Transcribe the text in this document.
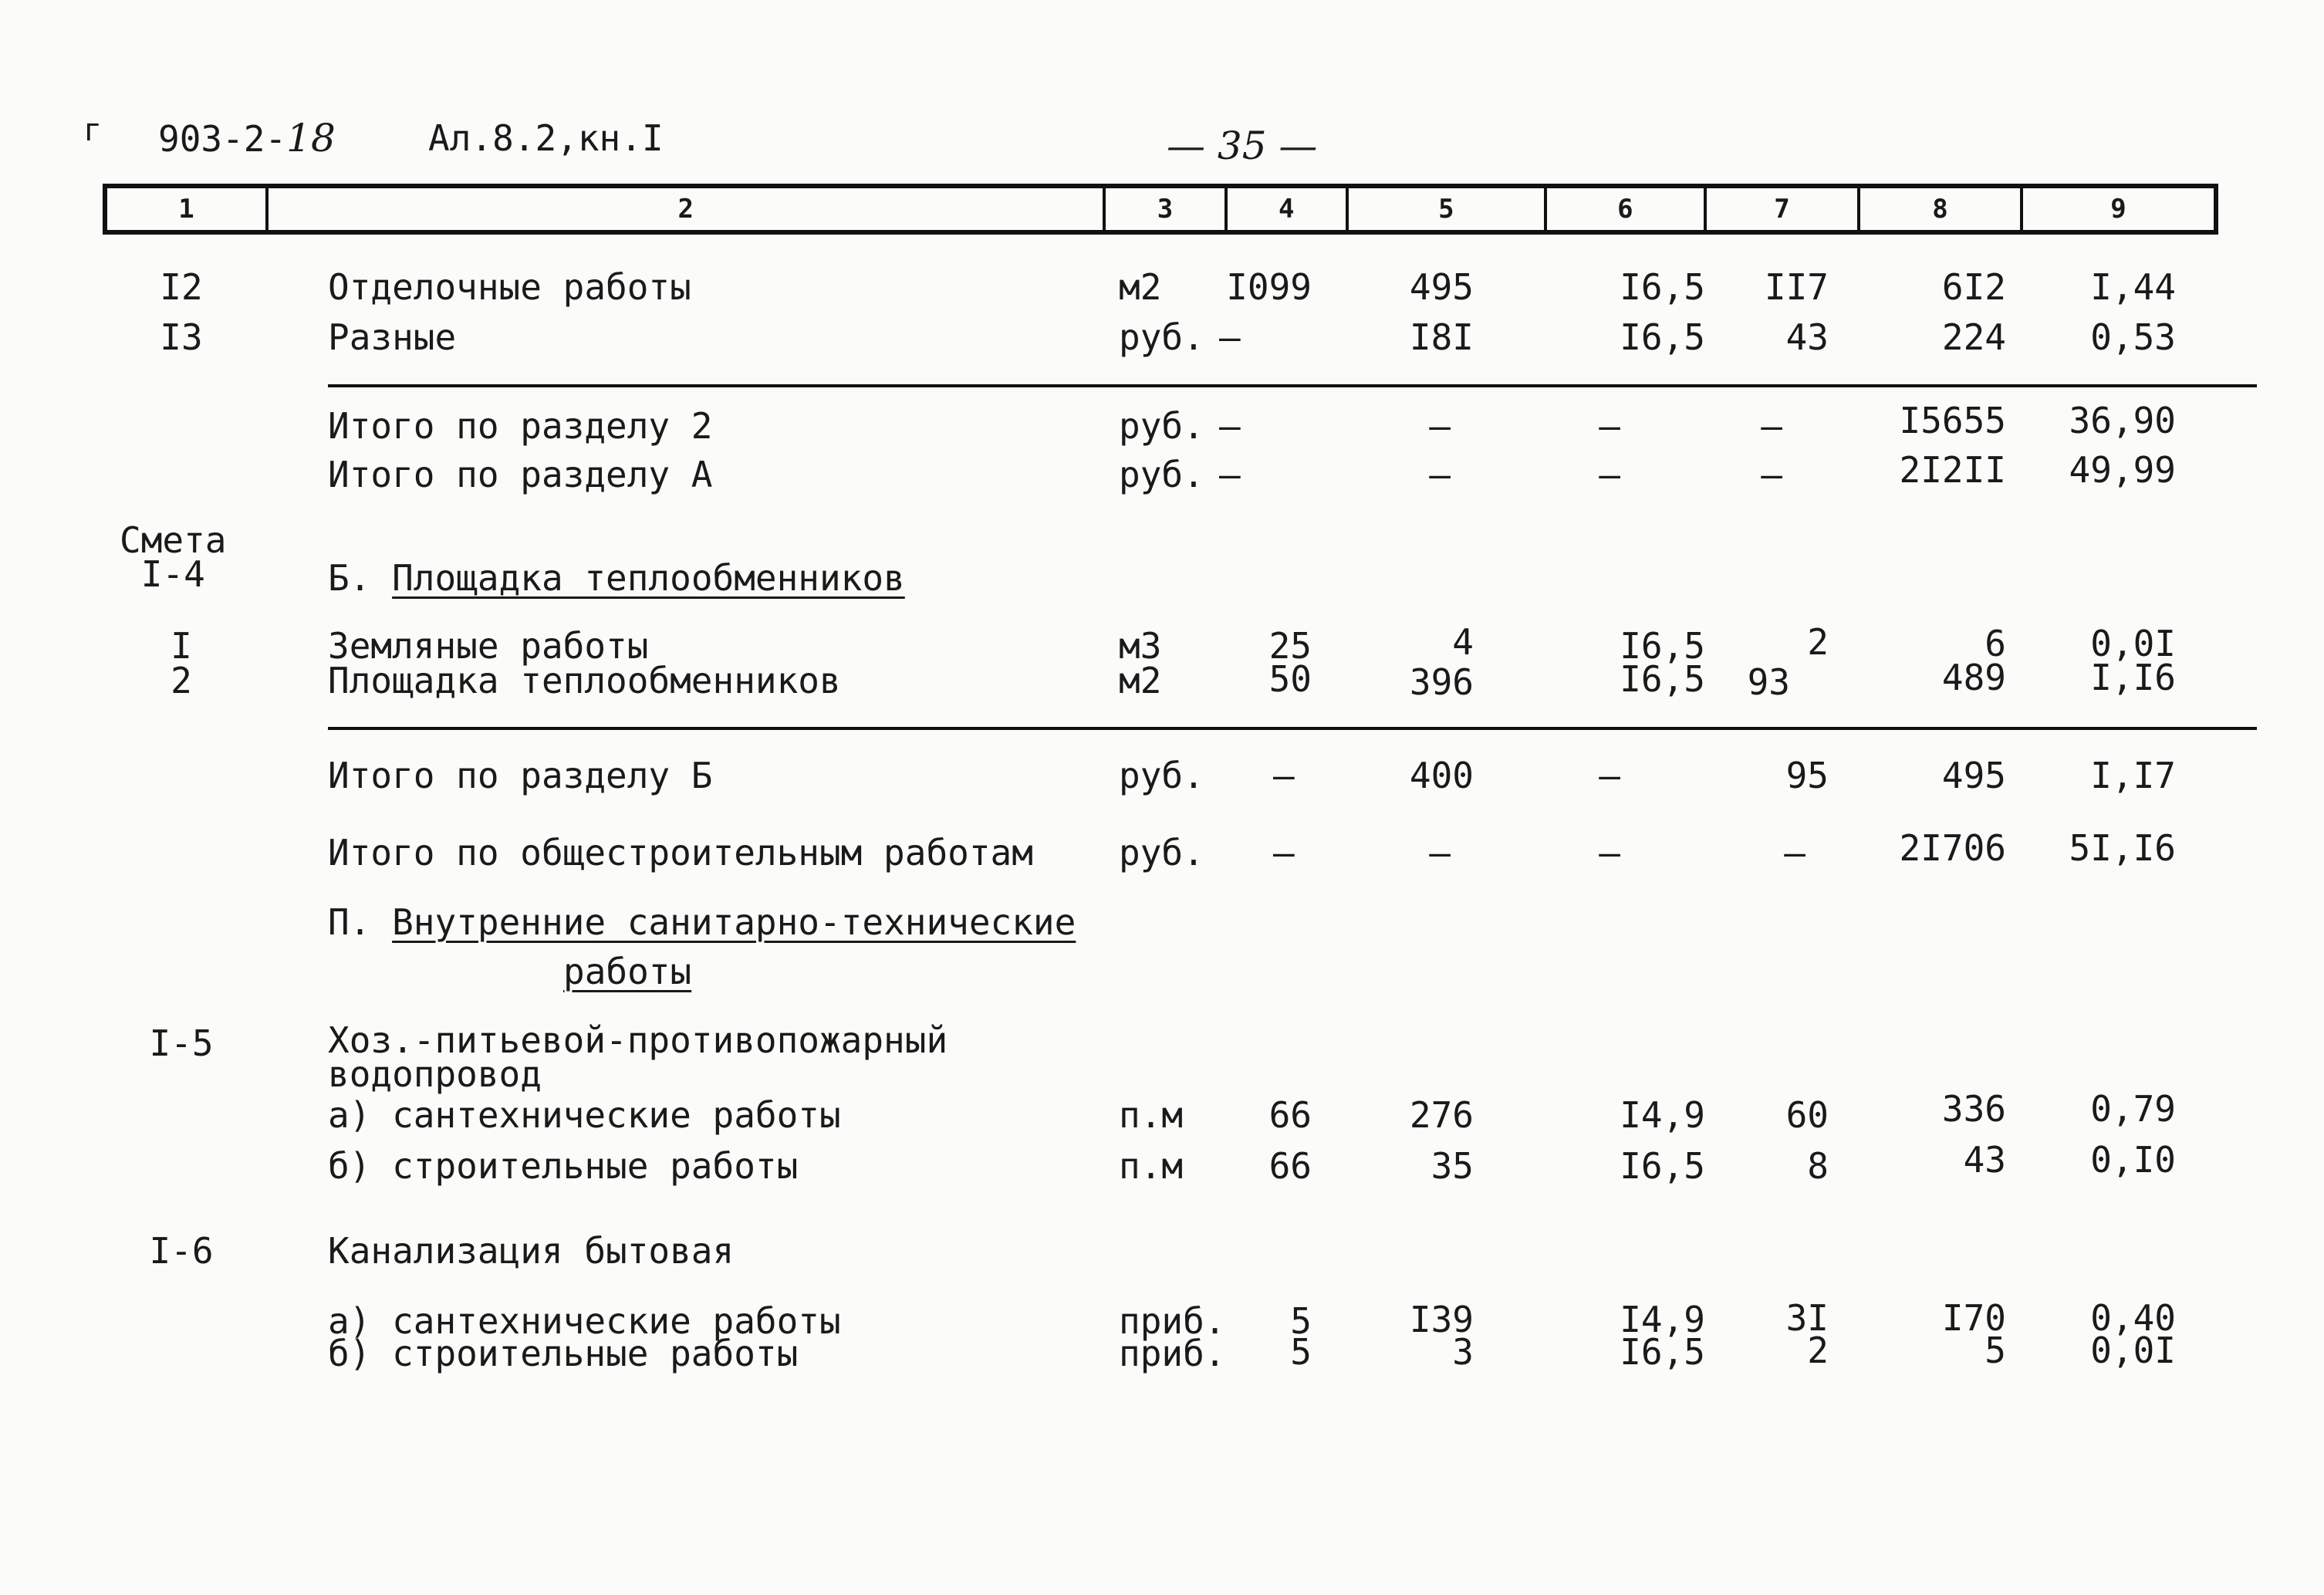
г 903-2-18	Ал.8.2,кн.I	— 35 —
1	2	3	4	5	6	7	8	9
I2	Отделочные работы	м2 I099	495	I6,5	II7	6I2	I,44
I3	Разные	руб. –	I8I	I6,5	43	224	0,53
Итого по разделу 2	руб. –	–	–	–	I5655	36,90
Итого по разделу А	руб. –	–	–	–	2I2II	49,99
Смета
I-4	Б. Площадка теплообменников
I	Земляные работы	м3	25	4	I6,5	2	6	0,0I
2	Площадка теплообменников	м2	50	396	I6,5	93	489	I,I6
Итого по разделу Б	руб. –	400	–	95	495	I,I7
Итого по общестроительным работам руб. –	–	–	–	2I706	5I,I6
П. Внутренние санитарно-технические
работы
I-5	Хоз.-питьевой-противопожарный
водопровод
а) сантехнические работы	п.м	66	276	I4,9	60	336	0,79
б) строительные работы	п.м	66	35	I6,5	8	43	0,I0
I-6	Канализация бытовая
а) сантехнические работы	приб.	5	I39	I4,9	3I	I70	0,40
б) строительные работы	приб.	5	3	I6,5	2	5	0,0I
